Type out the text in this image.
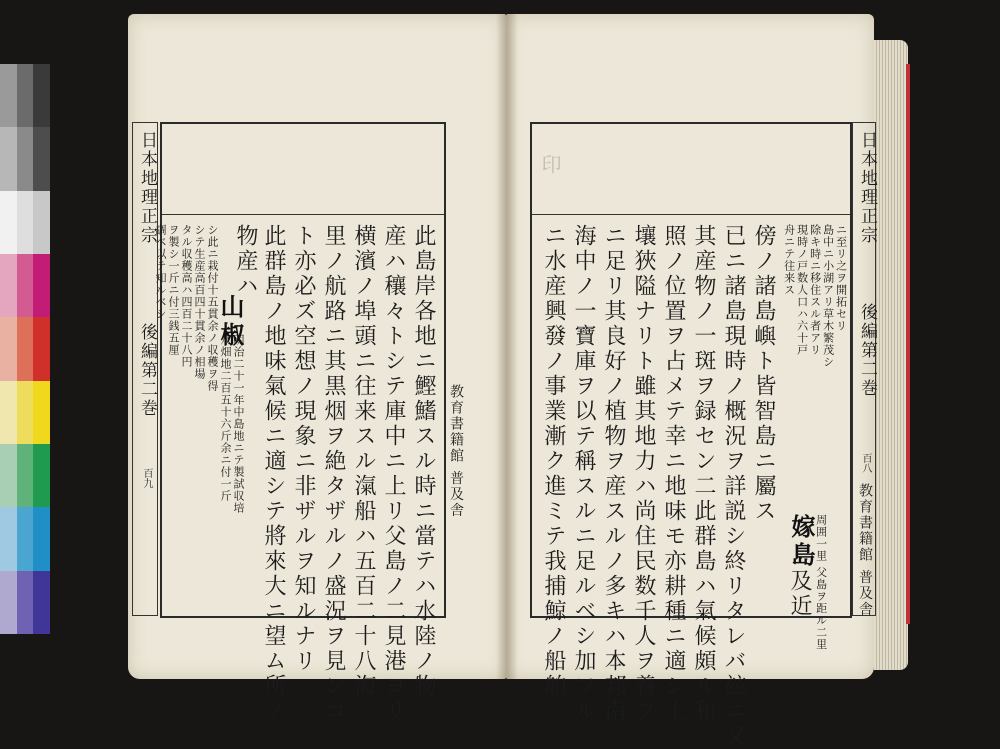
此島岸各地ニ鰹鰭スル時ニ當テハ水陸ノ物
産ハ穰々トシテ庫中ニ上リ父島ノ二見港ヨリ
横濱ノ埠頭ニ往来スル滊船ハ五百二十八海
里ノ航路ニ其黒烟ヲ絶タザルノ盛況ヲ見ンコ
ト亦必ズ空想ノ現象ニ非ザルヲ知ルナリ
此群島ノ地味氣候ニ適シテ將來大ニ望ム所ノ
物産ハ
山椒
明治二十一年中島地ニテ製試収培
八畑地二百五十六斤余ニ付一斤
シ此ニ栽付十五貫余ノ収穫ヲ得
シテ生産高百四十貫余ノ相場
タル収穫高ハ四百二十八円
ヲ製シ一斤ニ付三銭五厘
調ベ以テ知ルベシ
日本地理正宗
後編第二巻
百九	教育書籍館 普及舎
印
ニ水産興發ノ事業漸ク進ミテ我捕鯨ノ船舶 海中ノ一寶庫ヲ以テ稱スルニ足ルベシ加フル ニ足リ其良好ノ植物ヲ産スルノ多キハ本邦南 壤狹隘ナリト雖其地力ハ尚住民数千人ヲ養フ 照ノ位置ヲ占メテ幸ニ地味モ亦耕種ニ適シ土 其産物ノ一斑ヲ録セン二此群島ハ氣候頗ル和 已ニ諸島現時ノ概況ヲ詳説シ終リタレバ玆ニ又 傍ノ諸島嶼ト皆智島ニ屬ス 舟ニテ往来ス 現時ノ戸数人口ハ六十戸 除キ時ニ移住スル者アリ 島中ニ小湖アリ草木繁茂シ ニ至リ之ヲ開拓セリ
嫁島
周囲一里 父島ヲ距ル二里
及近
日本地理正宗
後編第二巻
百八
教育書籍館 普及舎
